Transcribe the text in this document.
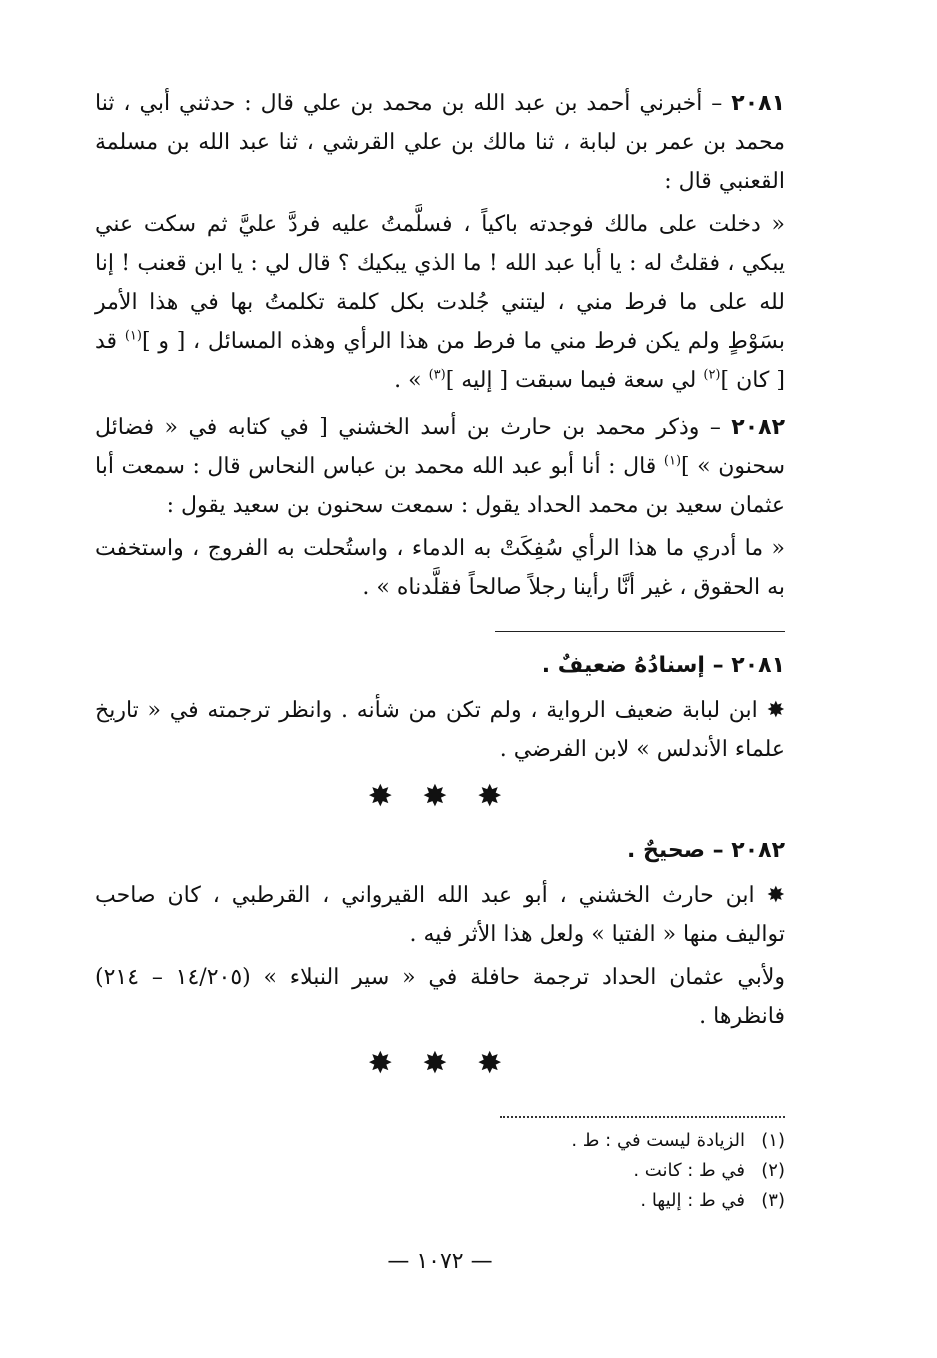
٢٠٨١ – أخبرني أحمد بن عبد الله بن محمد بن علي قال : حدثني أبي ، ثنا محمد بن عمر بن لبابة ، ثنا مالك بن علي القرشي ، ثنا عبد الله بن مسلمة القعنبي قال :

« دخلت على مالك فوجدته باكياً ، فسلَّمتُ عليه فردَّ عليَّ ثم سكت عني يبكي ، فقلتُ له : يا أبا عبد الله ! ما الذي يبكيك ؟ قال لي : يا ابن قعنب ! إنا لله على ما فرط مني ، ليتني جُلدت بكل كلمة تكلمتُ بها في هذا الأمر بسَوْطٍ ولم يكن فرط مني ما فرط من هذا الرأي وهذه المسائل ، [ و ]$^{(١)}$ قد [ كان ]$^{(٢)}$ لي سعة فيما سبقت [ إليه ]$^{(٣)}$ » .

٢٠٨٢ – وذكر محمد بن حارث بن أسد الخشني [ في كتابه في « فضائل سحنون » ]$^{(١)}$ قال : أنا أبو عبد الله محمد بن عباس النحاس قال : سمعت أبا عثمان سعيد بن محمد الحداد يقول : سمعت سحنون بن سعيد يقول :

« ما أدري ما هذا الرأي سُفِكَتْ به الدماء ، واستُحلت به الفروج ، واستخفت به الحقوق ، غير أنَّا رأينا رجلاً صالحاً فقلَّدناه » .

٢٠٨١ – إسنادُهُ ضعيفٌ .

✸ ابن لبابة ضعيف الرواية ، ولم تكن من شأنه . وانظر ترجمته في « تاريخ علماء الأندلس » لابن الفرضي .

✸ ✸ ✸

٢٠٨٢ – صحيحٌ .

✸ ابن حارث الخشني ، أبو عبد الله القيرواني ، القرطبي ، كان صاحب تواليف منها « الفتيا » ولعل هذا الأثر فيه .

ولأبي عثمان الحداد ترجمة حافلة في « سير النبلاء » (١٤/٢٠٥ – ٢١٤) فانظرها .

✸ ✸ ✸

(١)الزيادة ليست في : ط .

(٢)في ط : كانت .

(٣)في ط : إليها .

— ١٠٧٢ —
